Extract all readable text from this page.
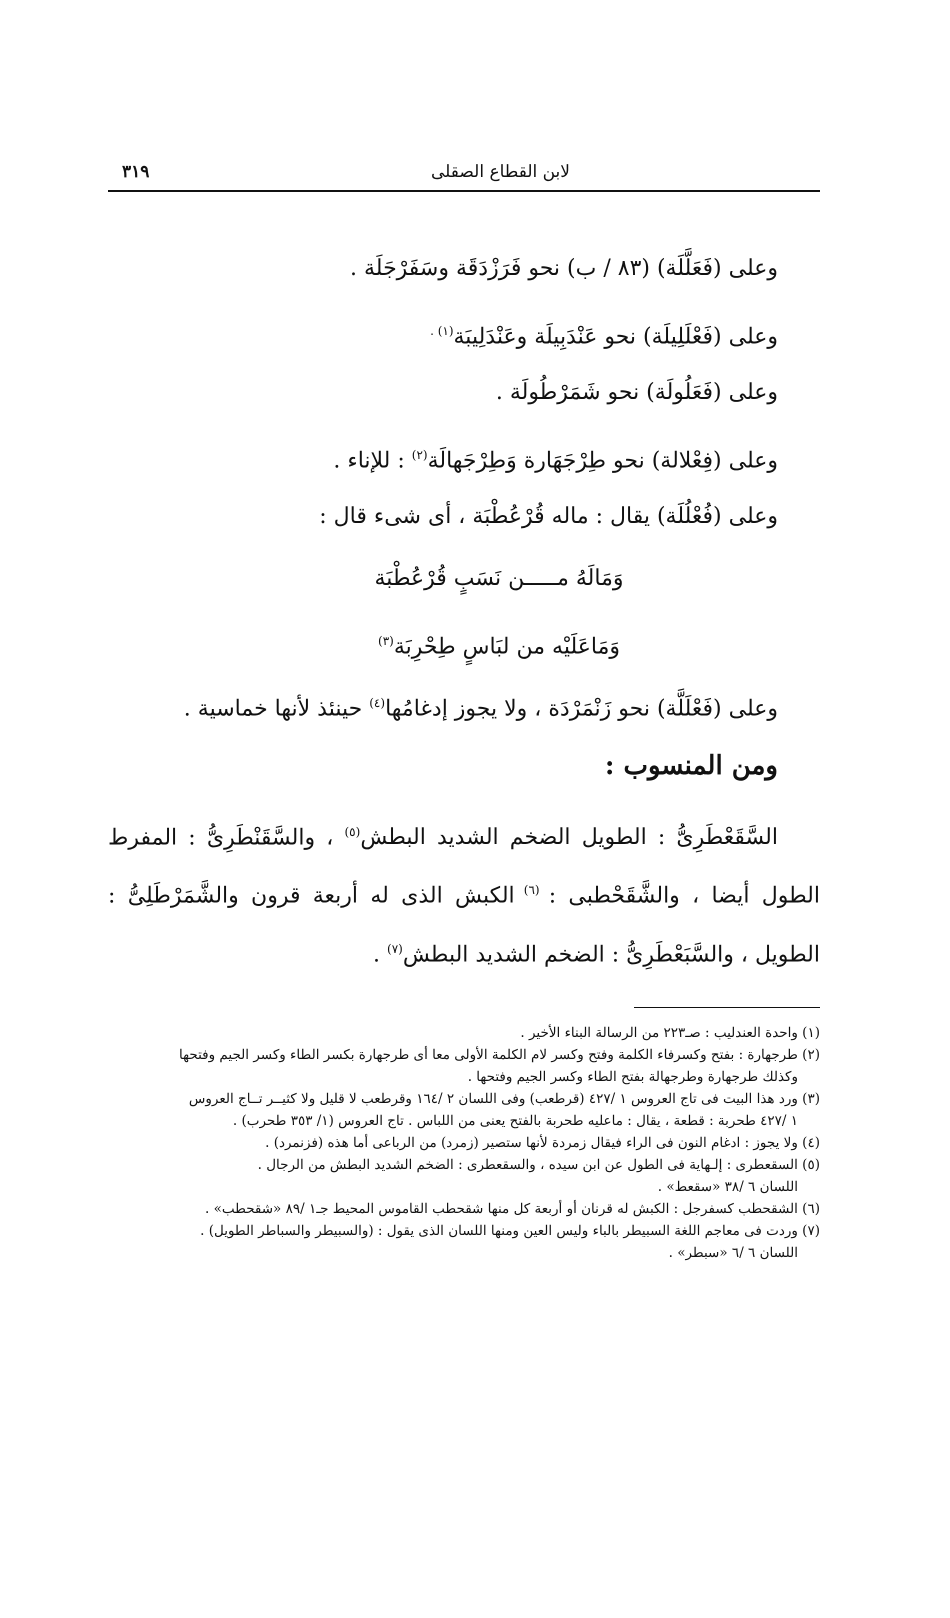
لابن القطاع الصقلى
٣١٩
وعلى (فَعَلَّلَة) (٨٣ / ب) نحو فَرَزْدَقَة وسَفَرْجَلَة .
وعلى (فَعْلَلِيلَة) نحو عَنْدَبِيلَة وعَنْدَلِيبَة$^{(١) .}$
وعلى (فَعَلُولَة) نحو شَمَرْطُولَة .
وعلى (فِعْلالة) نحو طِرْجَهَارة وَطِرْجَهالَة$^{(٢)}$ : للإناء .
وعلى (فُعْلُلَة) يقال : ماله قُرْعُطْبَة ، أى شىء قال :
وَمَالَهُ مـــــن نَسَبٍ قُرْعُطْبَة
وَمَاعَلَيْه من لبَاسٍ طِحْرِبَة$^{(٣)}$
وعلى (فَعْلَلَّة) نحو زَنْمَرْدَة ، ولا يجوز إدغامُها$^{(٤)}$ حينئذ لأنها خماسية .
ومن المنسوب :
السَّقَعْطَرِىُّ : الطويل الضخم الشديد البطش$^{(٥)}$ ، والسَّقَنْطَرِىُّ : المفرط الطول أيضا ، والشَّقَحْطبى : $^{(٦)}$ الكبش الذى له أربعة قرون والشَّمَرْطَلِىُّ : الطويل ، والسَّبَعْطَرِىُّ : الضخم الشديد البطش$^{(٧)}$ .
(١) واحدة العندليب : صـ٢٢٣ من الرسالة البناء الأخير .
(٢) طرجهارة : بفتح وكسرفاء الكلمة وفتح وكسر لام الكلمة الأولى معا أى طرجهارة بكسر الطاء وكسر الجيم وفتحها
وكذلك طرجهارة وطرجهالة بفتح الطاء وكسر الجيم وفتحها .
(٣) ورد هذا البيت فى تاج العروس ١ /٤٢٧ (قرطعب) وفى اللسان ٢ /١٦٤ وقرطعب لا قليل ولا كثيــر تــاج العروس
١ /٤٢٧ طحربة : قطعة ، يقال : ماعليه طحربة بالفتح يعنى من اللباس . تاج العروس (١/ ٣٥٣ طحرب) .
(٤) ولا يجوز : ادغام النون فى الراء فيقال زمردة لأنها ستصير (زمرد) من الرباعى أما هذه (فزنمرد) .
(٥) السقعطرى : إلـهاية فى الطول عن ابن سيده ، والسقعطرى : الضخم الشديد البطش من الرجال .
اللسان ٦ /٣٨ «سقعط» .
(٦) الشقحطب كسفرجل : الكبش له قرنان أو أربعة كل منها شقحطب القاموس المحيط جـ١ /٨٩ «شقحطب» .
(٧) وردت فى معاجم اللغة السبيطر بالباء وليس العين ومنها اللسان الذى يقول : (والسبيطر والسباطر الطويل) .
اللسان ٦ /٦ «سبطر» .
